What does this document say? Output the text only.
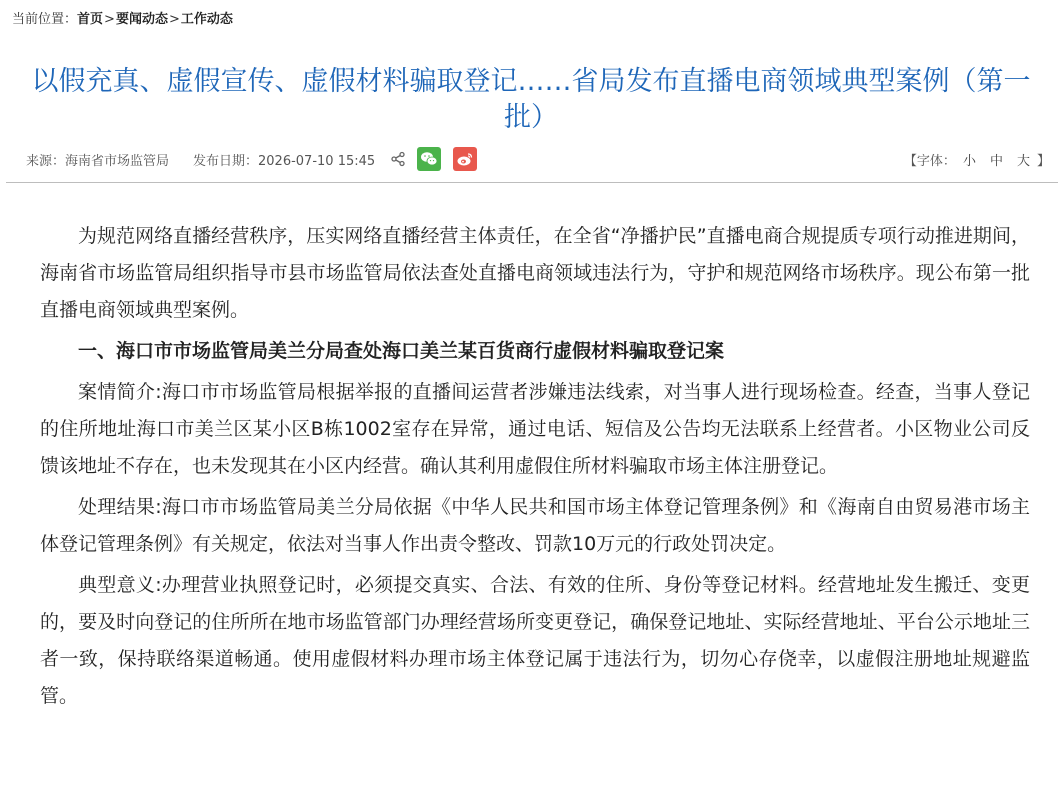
当前位置：首页>要闻动态>工作动态
以假充真、虚假宣传、虚假材料骗取登记……省局发布直播电商领域典型案例（第一批）
来源：海南省市场监管局 发布日期：2026-07-10 15:45	【字体： 小 中 大 】

为规范网络直播经营秩序，压实网络直播经营主体责任，在全省“净播护民”直播电商合规提质专项行动推进期间，海南省市场监管局组织指导市县市场监管局依法查处直播电商领域违法行为，守护和规范网络市场秩序。现公布第一批直播电商领域典型案例。

一、海口市市场监管局美兰分局查处海口美兰某百货商行虚假材料骗取登记案

案情简介:海口市市场监管局根据举报的直播间运营者涉嫌违法线索，对当事人进行现场检查。经查，当事人登记的住所地址海口市美兰区某小区B栋1002室存在异常，通过电话、短信及公告均无法联系上经营者。小区物业公司反馈该地址不存在，也未发现其在小区内经营。确认其利用虚假住所材料骗取市场主体注册登记。

处理结果:海口市市场监管局美兰分局依据《中华人民共和国市场主体登记管理条例》和《海南自由贸易港市场主体登记管理条例》有关规定，依法对当事人作出责令整改、罚款10万元的行政处罚决定。

典型意义:办理营业执照登记时，必须提交真实、合法、有效的住所、身份等登记材料。经营地址发生搬迁、变更的，要及时向登记的住所所在地市场监管部门办理经营场所变更登记，确保登记地址、实际经营地址、平台公示地址三者一致，保持联络渠道畅通。使用虚假材料办理市场主体登记属于违法行为，切勿心存侥幸，以虚假注册地址规避监管。
